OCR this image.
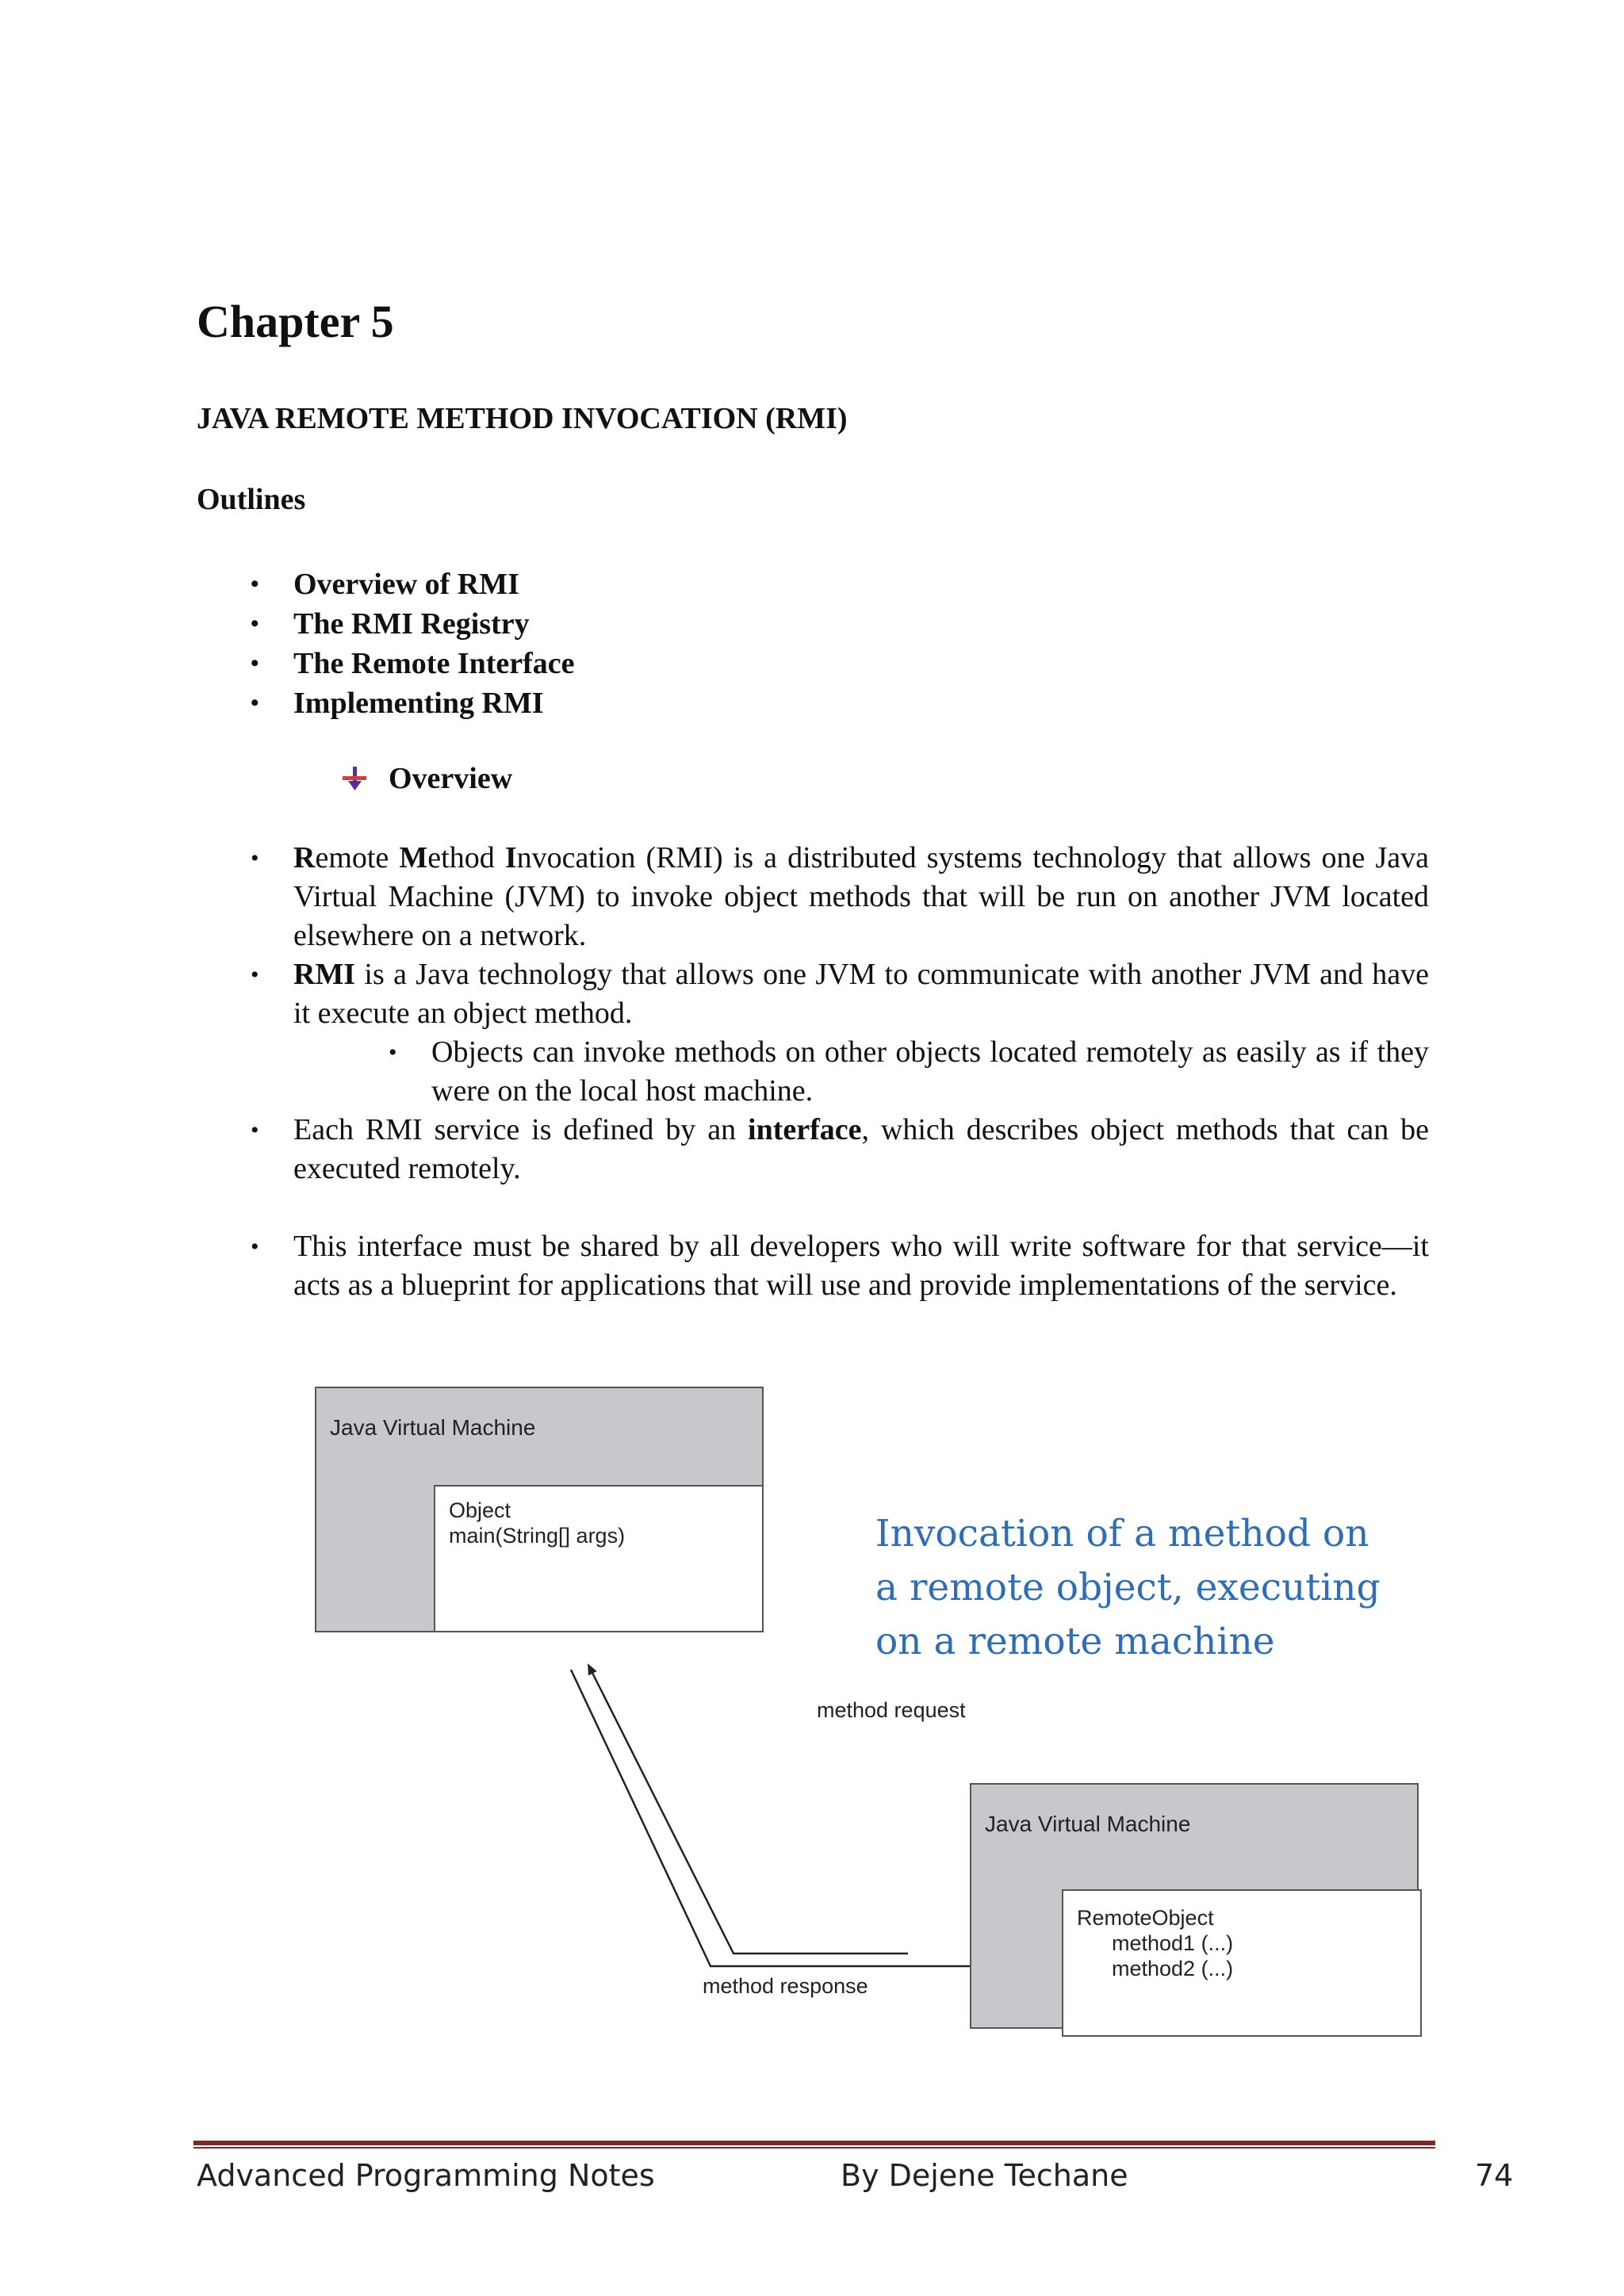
Chapter 5
JAVA REMOTE METHOD INVOCATION (RMI)
Outlines
•
Overview of RMI
•
The RMI Registry
•
The Remote Interface
•
Implementing RMI
Overview
•
Remote Method Invocation (RMI) is a distributed systems technology that allows one Java Virtual Machine (JVM) to invoke object methods that will be run on another JVM located elsewhere on a network.
•
RMI is a Java technology that allows one JVM to communicate with another JVM and have it execute an object method.
•
Objects can invoke methods on other objects located remotely as easily as if they were on the local host machine.
•
Each RMI service is defined by an interface, which describes object methods that can be executed remotely.
•
This interface must be shared by all developers who will write software for that service—it acts as a blueprint for applications that will use and provide implementations of the service.
Java Virtual Machine
Object
main(String[] args)	Invocation of a method on
a remote object, executing
on a remote machine
method request
method response
Java Virtual Machine
RemoteObject
method1 (...)
method2 (...)
Advanced Programming Notes	By Dejene Techane	74
